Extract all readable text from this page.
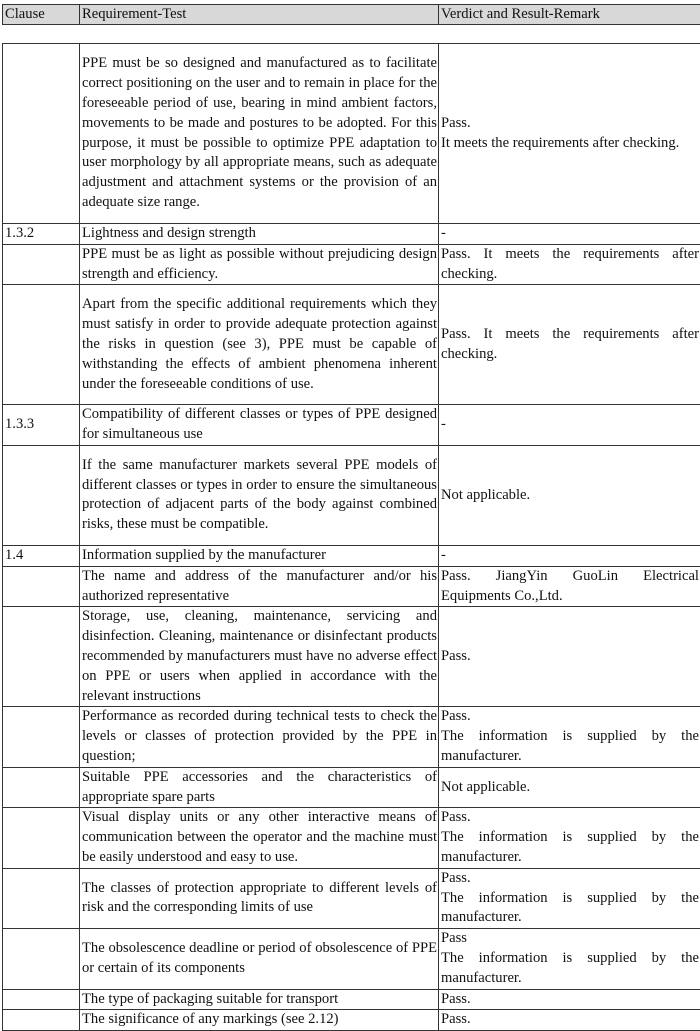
Clause	Requirement-Test	Verdict and Result-Remark
	PPE must be so designed and manufactured as to facilitate correct positioning on the user and to remain in place for the foreseeable period of use, bearing in mind ambient factors, movements to be made and postures to be adopted. For this purpose, it must be possible to optimize PPE adaptation to user morphology by all appropriate means, such as adequate adjustment and attachment systems or the provision of an adequate size range.	Pass.
It meets the requirements after checking.

1.3.2	Lightness and design strength	-

	PPE must be as light as possible without prejudicing design strength and efficiency.	Pass. It meets the requirements after checking.

	Apart from the specific additional requirements which they must satisfy in order to provide adequate protection against the risks in question (see 3), PPE must be capable of withstanding the effects of ambient phenomena inherent under the foreseeable conditions of use.	Pass. It meets the requirements after checking.

1.3.3	Compatibility of different classes or types of PPE designed for simultaneous use	-

	If the same manufacturer markets several PPE models of different classes or types in order to ensure the simultaneous protection of adjacent parts of the body against combined risks, these must be compatible.	Not applicable.

1.4	Information supplied by the manufacturer	-

	The name and address of the manufacturer and/or his authorized representative	Pass. JiangYin GuoLin Electrical Equipments Co.,Ltd.

	Storage, use, cleaning, maintenance, servicing and disinfection. Cleaning, maintenance or disinfectant products recommended by manufacturers must have no adverse effect on PPE or users when applied in accordance with the relevant instructions	Pass.

	Performance as recorded during technical tests to check the levels or classes of protection provided by the PPE in question;	Pass.
The information is supplied by the manufacturer.

	Suitable PPE accessories and the characteristics of appropriate spare parts	Not applicable.

	Visual display units or any other interactive means of communication between the operator and the machine must be easily understood and easy to use.	Pass.
The information is supplied by the manufacturer.

	The classes of protection appropriate to different levels of risk and the corresponding limits of use	Pass.
The information is supplied by the manufacturer.

	The obsolescence deadline or period of obsolescence of PPE or certain of its components	Pass
The information is supplied by the manufacturer.

	The type of packaging suitable for transport	Pass.

	The significance of any markings (see 2.12)	Pass.
